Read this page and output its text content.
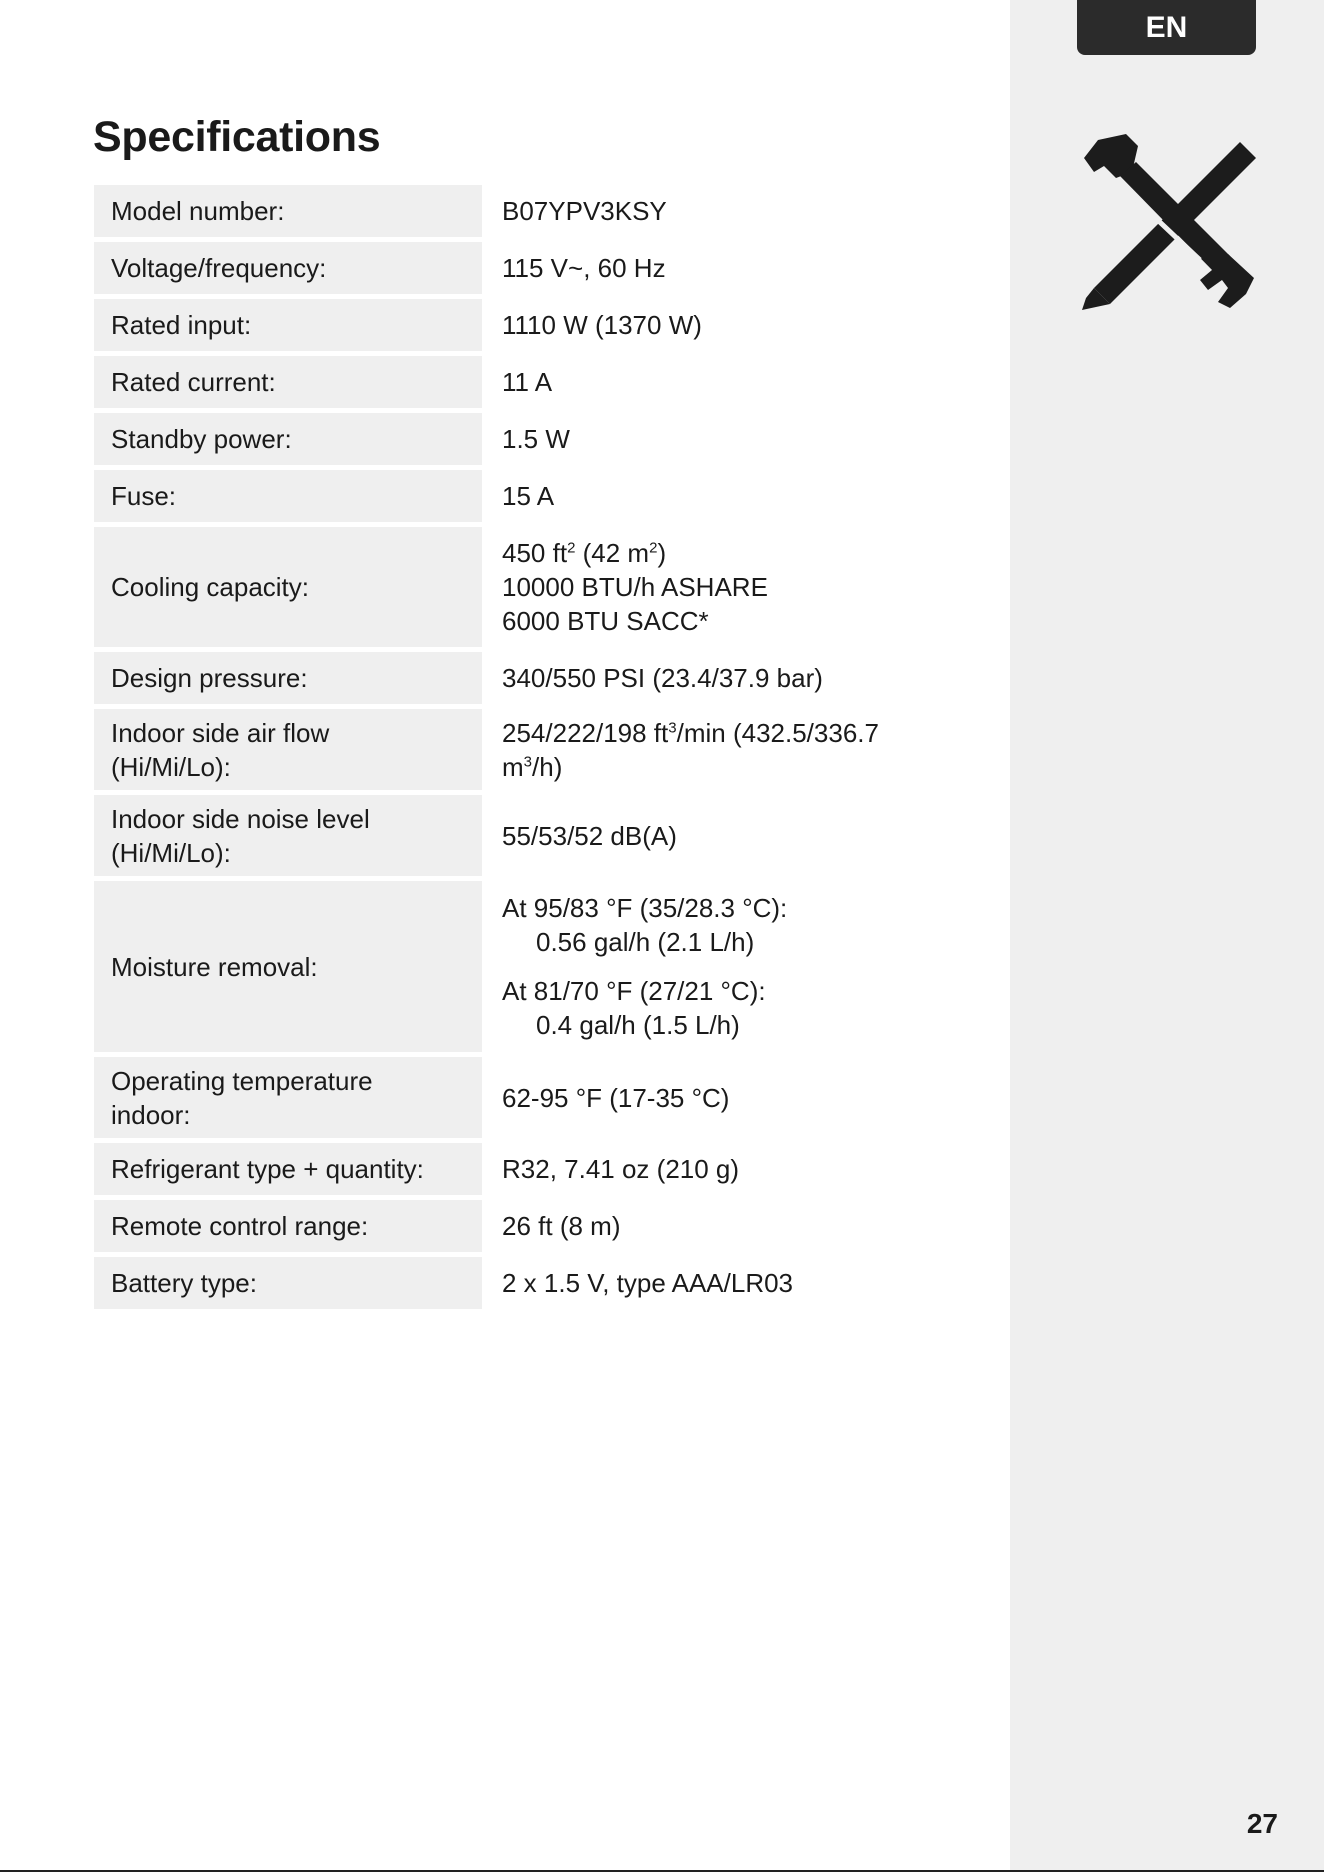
EN
Specifications
Model number:	B07YPV3KSY
Voltage/frequency:	115 V~, 60 Hz
Rated input:	1110 W (1370 W)
Rated current:	11 A
Standby power:	1.5 W
Fuse:	15 A
Cooling capacity:	450 $ft^2$ (42 $m^2$)
10000 BTU/h ASHARE
6000 BTU SACC*
Design pressure:	340/550 PSI (23.4/37.9 bar)
Indoor side air flow
(Hi/Mi/Lo):	254/222/198 $ft^3/\min$ (432.5/336.7
$m^3/h$)
Indoor side noise level
(Hi/Mi/Lo):	55/53/52 dB(A)
Moisture removal:	At 95/83 °F (35/28.3 °C):

0.56 gal/h (2.1 L/h)
At 81/70 °F (27/21 °C):

0.4 gal/h (1.5 L/h)

Operating temperature
indoor:	62-95 °F (17-35 °C)
Refrigerant type + quantity:	R32, 7.41 oz (210 g)
Remote control range:	26 ft (8 m)
Battery type:	2 x 1.5 V, type AAA/LR03
27
